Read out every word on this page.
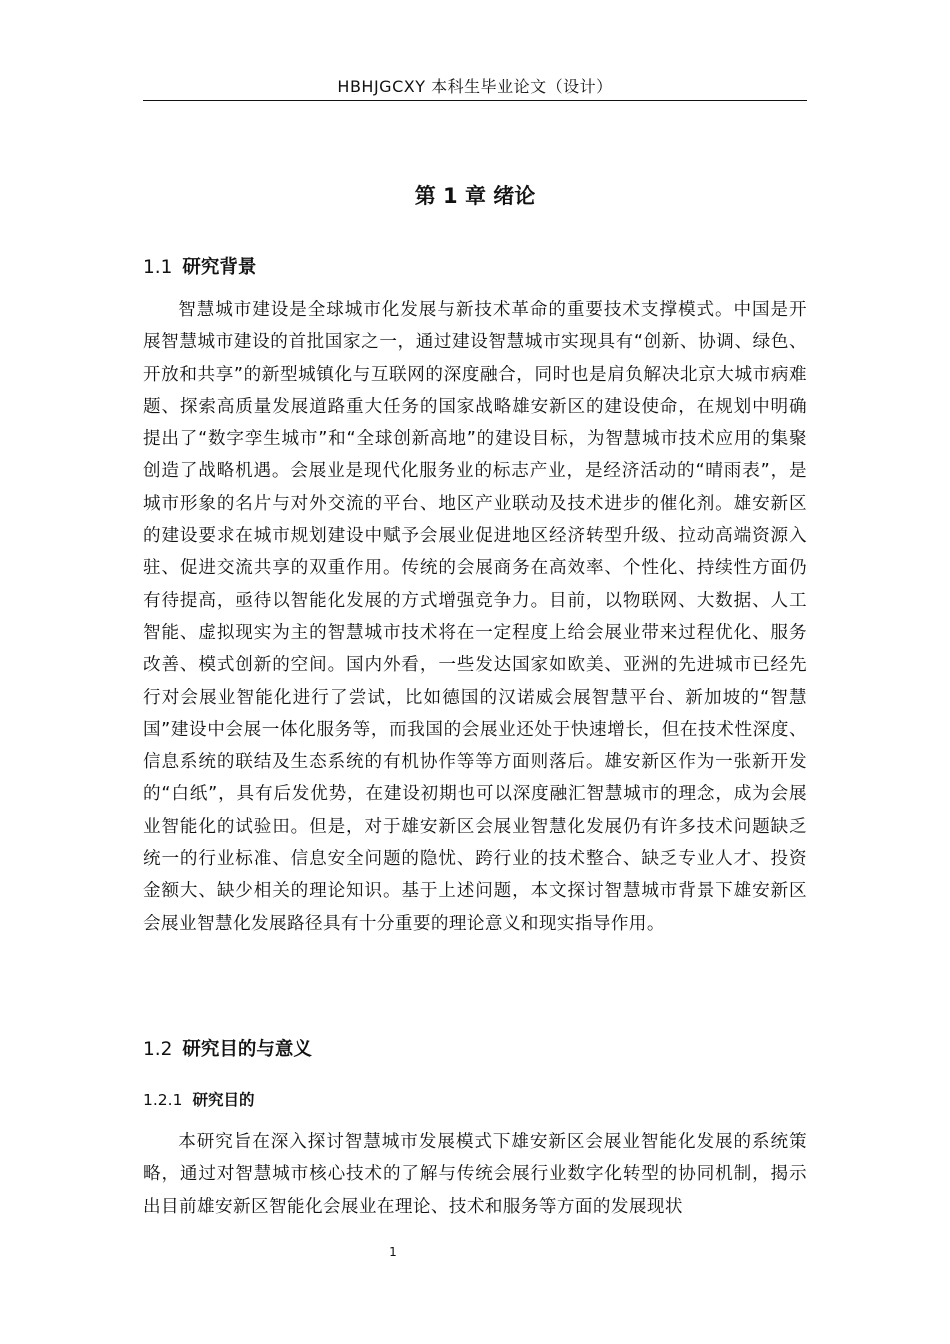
HBHJGCXY 本科生毕业论文（设计）
第 1 章 绪论
1.1 研究背景

智慧城市建设是全球城市化发展与新技术革命的重要技术支撑模式。中国是开展智慧城市建设的首批国家之一，通过建设智慧城市实现具有“创新、协调、绿色、开放和共享”的新型城镇化与互联网的深度融合，同时也是肩负解决北京大城市病难题、探索高质量发展道路重大任务的国家战略雄安新区的建设使命，在规划中明确提出了“数字孪生城市”和“全球创新高地”的建设目标，为智慧城市技术应用的集聚创造了战略机遇。会展业是现代化服务业的标志产业，是经济活动的“晴雨表”，是城市形象的名片与对外交流的平台、地区产业联动及技术进步的催化剂。雄安新区的建设要求在城市规划建设中赋予会展业促进地区经济转型升级、拉动高端资源入驻、促进交流共享的双重作用。传统的会展商务在高效率、个性化、持续性方面仍有待提高，亟待以智能化发展的方式增强竞争力。目前，以物联网、大数据、人工智能、虚拟现实为主的智慧城市技术将在一定程度上给会展业带来过程优化、服务改善、模式创新的空间。国内外看，一些发达国家如欧美、亚洲的先进城市已经先行对会展业智能化进行了尝试，比如德国的汉诺威会展智慧平台、新加坡的“智慧国”建设中会展一体化服务等，而我国的会展业还处于快速增长，但在技术性深度、信息系统的联结及生态系统的有机协作等等方面则落后。雄安新区作为一张新开发的“白纸”，具有后发优势，在建设初期也可以深度融汇智慧城市的理念，成为会展业智能化的试验田。但是，对于雄安新区会展业智慧化发展仍有许多技术问题缺乏统一的行业标准、信息安全问题的隐忧、跨行业的技术整合、缺乏专业人才、投资金额大、缺少相关的理论知识。基于上述问题，本文探讨智慧城市背景下雄安新区会展业智慧化发展路径具有十分重要的理论意义和现实指导作用。

1.2 研究目的与意义
1.2.1 研究目的

本研究旨在深入探讨智慧城市发展模式下雄安新区会展业智能化发展的系统策略，通过对智慧城市核心技术的了解与传统会展行业数字化转型的协同机制，揭示出目前雄安新区智能化会展业在理论、技术和服务等方面的发展现状

1
